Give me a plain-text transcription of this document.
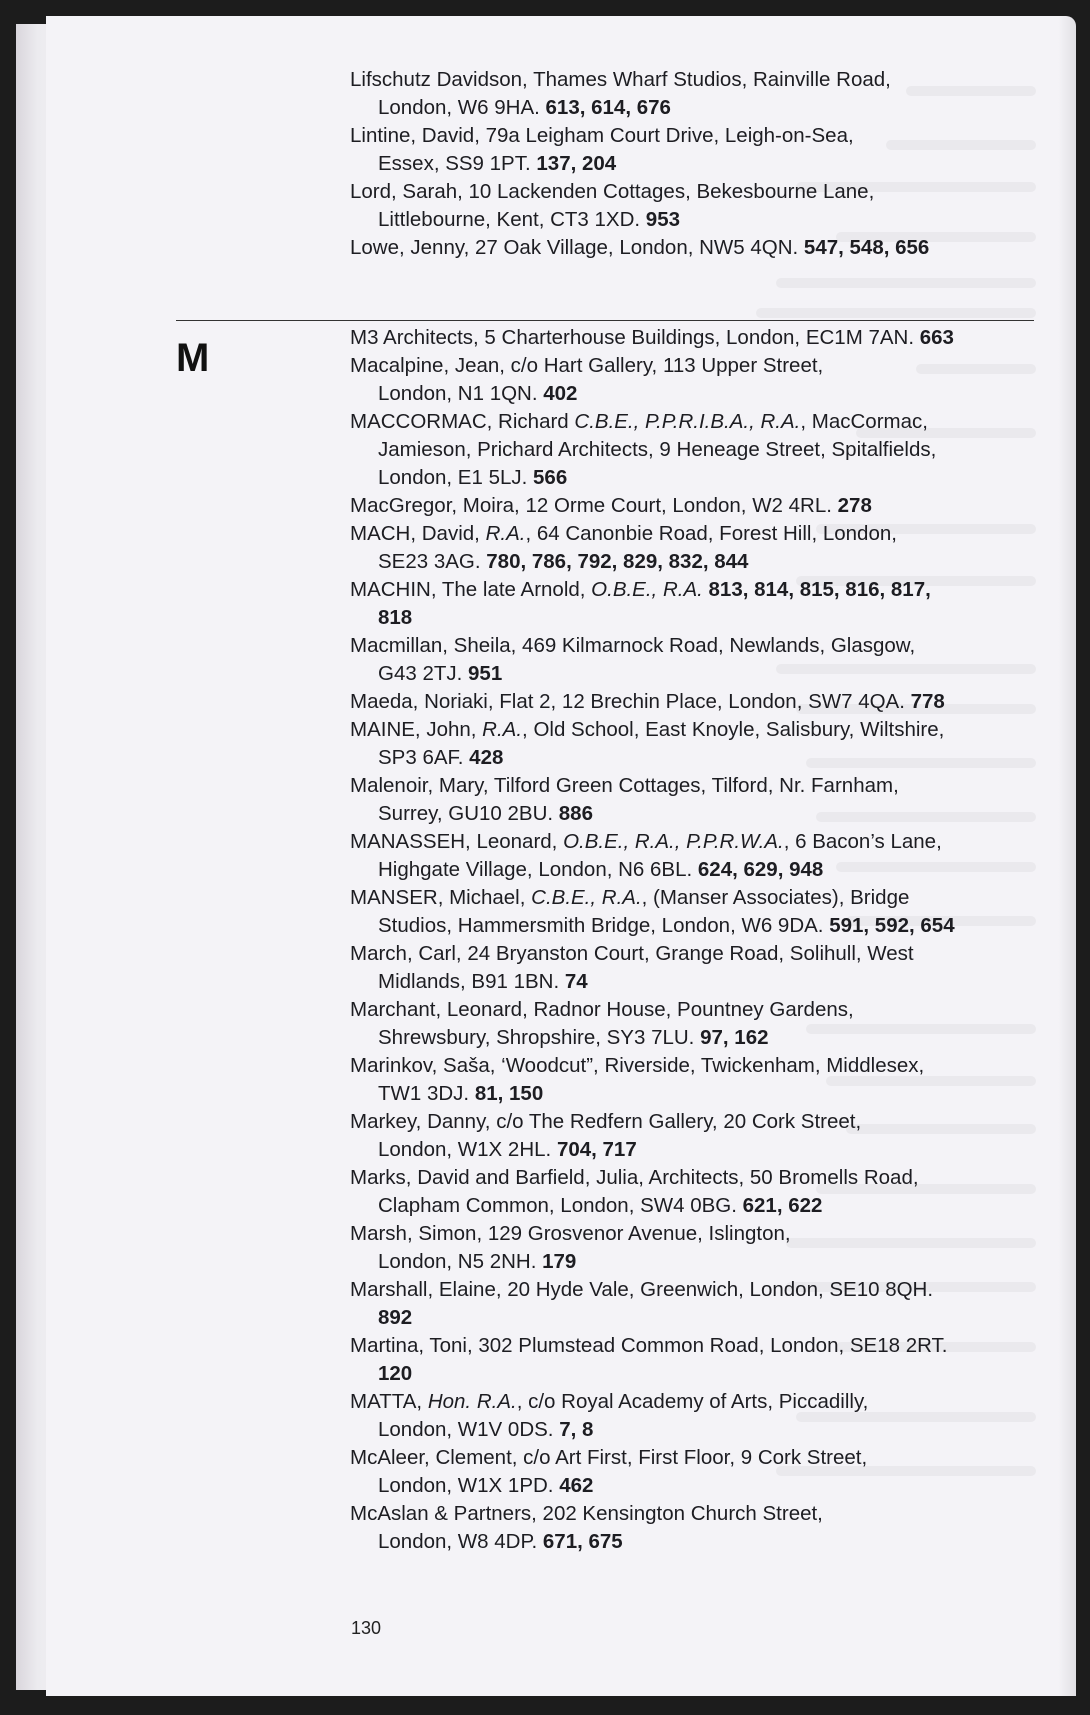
M
Lifschutz Davidson, Thames Wharf Studios, Rainville Road,
London, W6 9HA. 613, 614, 676
Lintine, David, 79a Leigham Court Drive, Leigh-on-Sea,
Essex, SS9 1PT. 137, 204
Lord, Sarah, 10 Lackenden Cottages, Bekesbourne Lane,
Littlebourne, Kent, CT3 1XD. 953
Lowe, Jenny, 27 Oak Village, London, NW5 4QN. 547, 548, 656
M3 Architects, 5 Charterhouse Buildings, London, EC1M 7AN. 663
Macalpine, Jean, c/o Hart Gallery, 113 Upper Street,
London, N1 1QN. 402
MACCORMAC, Richard C.B.E., P.P.R.I.B.A., R.A., MacCormac,
Jamieson, Prichard Architects, 9 Heneage Street, Spitalfields,
London, E1 5LJ. 566
MacGregor, Moira, 12 Orme Court, London, W2 4RL. 278
MACH, David, R.A., 64 Canonbie Road, Forest Hill, London,
SE23 3AG. 780, 786, 792, 829, 832, 844
MACHIN, The late Arnold, O.B.E., R.A. 813, 814, 815, 816, 817,
818
Macmillan, Sheila, 469 Kilmarnock Road, Newlands, Glasgow,
G43 2TJ. 951
Maeda, Noriaki, Flat 2, 12 Brechin Place, London, SW7 4QA. 778
MAINE, John, R.A., Old School, East Knoyle, Salisbury, Wiltshire,
SP3 6AF. 428
Malenoir, Mary, Tilford Green Cottages, Tilford, Nr. Farnham,
Surrey, GU10 2BU. 886
MANASSEH, Leonard, O.B.E., R.A., P.P.R.W.A., 6 Bacon’s Lane,
Highgate Village, London, N6 6BL. 624, 629, 948
MANSER, Michael, C.B.E., R.A., (Manser Associates), Bridge
Studios, Hammersmith Bridge, London, W6 9DA. 591, 592, 654
March, Carl, 24 Bryanston Court, Grange Road, Solihull, West
Midlands, B91 1BN. 74
Marchant, Leonard, Radnor House, Pountney Gardens,
Shrewsbury, Shropshire, SY3 7LU. 97, 162
Marinkov, Saša, ‘Woodcut”, Riverside, Twickenham, Middlesex,
TW1 3DJ. 81, 150
Markey, Danny, c/o The Redfern Gallery, 20 Cork Street,
London, W1X 2HL. 704, 717
Marks, David and Barfield, Julia, Architects, 50 Bromells Road,
Clapham Common, London, SW4 0BG. 621, 622
Marsh, Simon, 129 Grosvenor Avenue, Islington,
London, N5 2NH. 179
Marshall, Elaine, 20 Hyde Vale, Greenwich, London, SE10 8QH.
892
Martina, Toni, 302 Plumstead Common Road, London, SE18 2RT.
120
MATTA, Hon. R.A., c/o Royal Academy of Arts, Piccadilly,
London, W1V 0DS. 7, 8
McAleer, Clement, c/o Art First, First Floor, 9 Cork Street,
London, W1X 1PD. 462
McAslan & Partners, 202 Kensington Church Street,
London, W8 4DP. 671, 675
130
